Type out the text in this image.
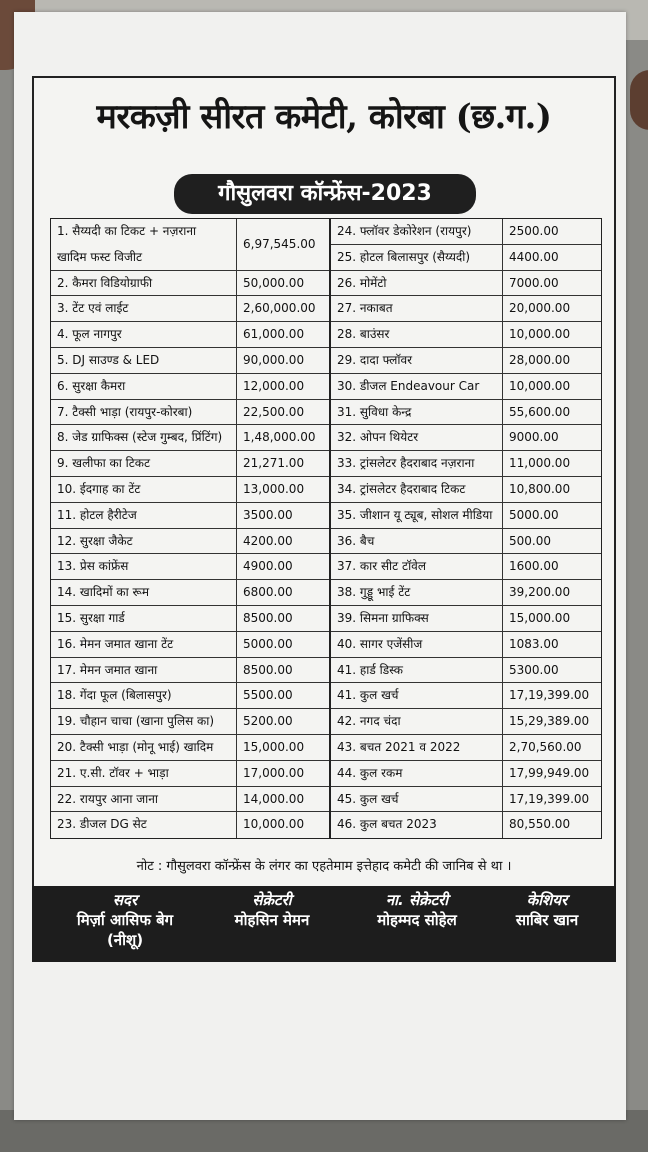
मरकज़ी सीरत कमेटी, कोरबा (छ.ग.)
गौसुलवरा कॉन्फ्रेंस-2023
1. सैय्यदी का टिकट + नज़राना
खादिम फस्ट विजीट
6,97,545.00
2. कैमरा विडियोग्राफी	50,000.00
3. टेंट एवं लाईट	2,60,000.00
4. फूल नागपुर	61,000.00
5. DJ साउण्ड & LED	90,000.00
6. सुरक्षा कैमरा	12,000.00
7. टैक्सी भाड़ा (रायपुर-कोरबा)	22,500.00
8. जेड ग्राफिक्स (स्टेज गुम्बद, प्रिंटिंग)	1,48,000.00
9. खलीफा का टिकट	21,271.00
10. ईदगाह का टेंट	13,000.00
11. होटल हैरीटेज	3500.00
12. सुरक्षा जैकेट	4200.00
13. प्रेस कांफ्रेंस	4900.00
14. खादिमों का रूम	6800.00
15. सुरक्षा गार्ड	8500.00
16. मेमन जमात खाना टेंट	5000.00
17. मेमन जमात खाना	8500.00
18. गेंदा फूल (बिलासपुर)	5500.00
19. चौहान चाचा (खाना पुलिस का)	5200.00
20. टैक्सी भाड़ा (मोनू भाई) खादिम	15,000.00
21. ए.सी. टॉवर + भाड़ा	17,000.00
22. रायपुर आना जाना	14,000.00
23. डीजल DG सेट	10,000.00
24. फ्लॉवर डेकोरेशन (रायपुर)	2500.00
25. होटल बिलासपुर (सैय्यदी)	4400.00
26. मोमेंटो	7000.00
27. नकाबत	20,000.00
28. बाउंसर	10,000.00
29. दादा फ्लॉवर	28,000.00
30. डीजल Endeavour Car	10,000.00
31. सुविधा केन्द्र	55,600.00
32. ओपन थियेटर	9000.00
33. ट्रांसलेटर हैदराबाद नज़राना	11,000.00
34. ट्रांसलेटर हैदराबाद टिकट	10,800.00
35. जीशान यू ट्यूब, सोशल मीडिया	5000.00
36. बैच	500.00
37. कार सीट टॉवेल	1600.00
38. गुड्डू भाई टेंट	39,200.00
39. सिमना ग्राफिक्स	15,000.00
40. सागर एजेंसीज	1083.00
41. हार्ड डिस्क	5300.00
41. कुल खर्च	17,19,399.00
42. नगद चंदा	15,29,389.00
43. बचत 2021 व 2022	2,70,560.00
44. कुल रकम	17,99,949.00
45. कुल खर्च	17,19,399.00
46. कुल बचत 2023	80,550.00
नोट : गौसुलवरा कॉन्फ्रेंस के लंगर का एहतेमाम इत्तेहाद कमेटी की जानिब से था ।
सदर
मिर्ज़ा आसिफ बेग
(नीशू)
सेक्रेटरी
मोहसिन मेमन
ना. सेक्रेटरी
मोहम्मद सोहेल
केशियर
साबिर खान
